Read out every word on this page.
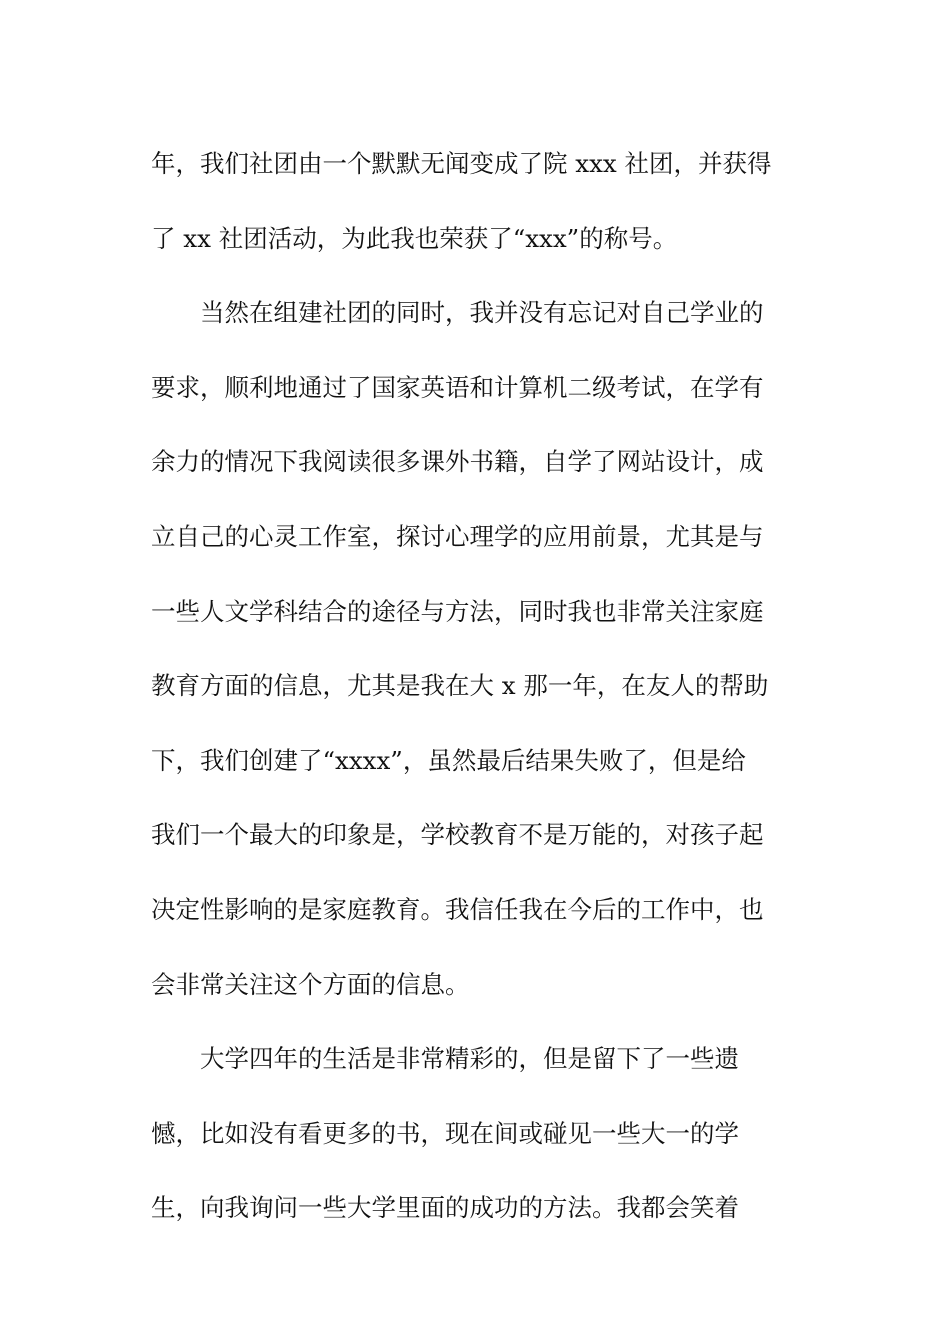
年，我们社团由一个默默无闻变成了院 xxx 社团，并获得
了 xx 社团活动，为此我也荣获了“xxx”的称号。
当然在组建社团的同时，我并没有忘记对自己学业的
要求，顺利地通过了国家英语和计算机二级考试，在学有
余力的情况下我阅读很多课外书籍，自学了网站设计，成
立自己的心灵工作室，探讨心理学的应用前景，尤其是与
一些人文学科结合的途径与方法，同时我也非常关注家庭
教育方面的信息，尤其是我在大 x 那一年，在友人的帮助
下，我们创建了“xxxx”，虽然最后结果失败了，但是给
我们一个最大的印象是，学校教育不是万能的，对孩子起
决定性影响的是家庭教育。我信任我在今后的工作中，也
会非常关注这个方面的信息。
大学四年的生活是非常精彩的，但是留下了一些遗
憾，比如没有看更多的书，现在间或碰见一些大一的学
生，向我询问一些大学里面的成功的方法。我都会笑着
